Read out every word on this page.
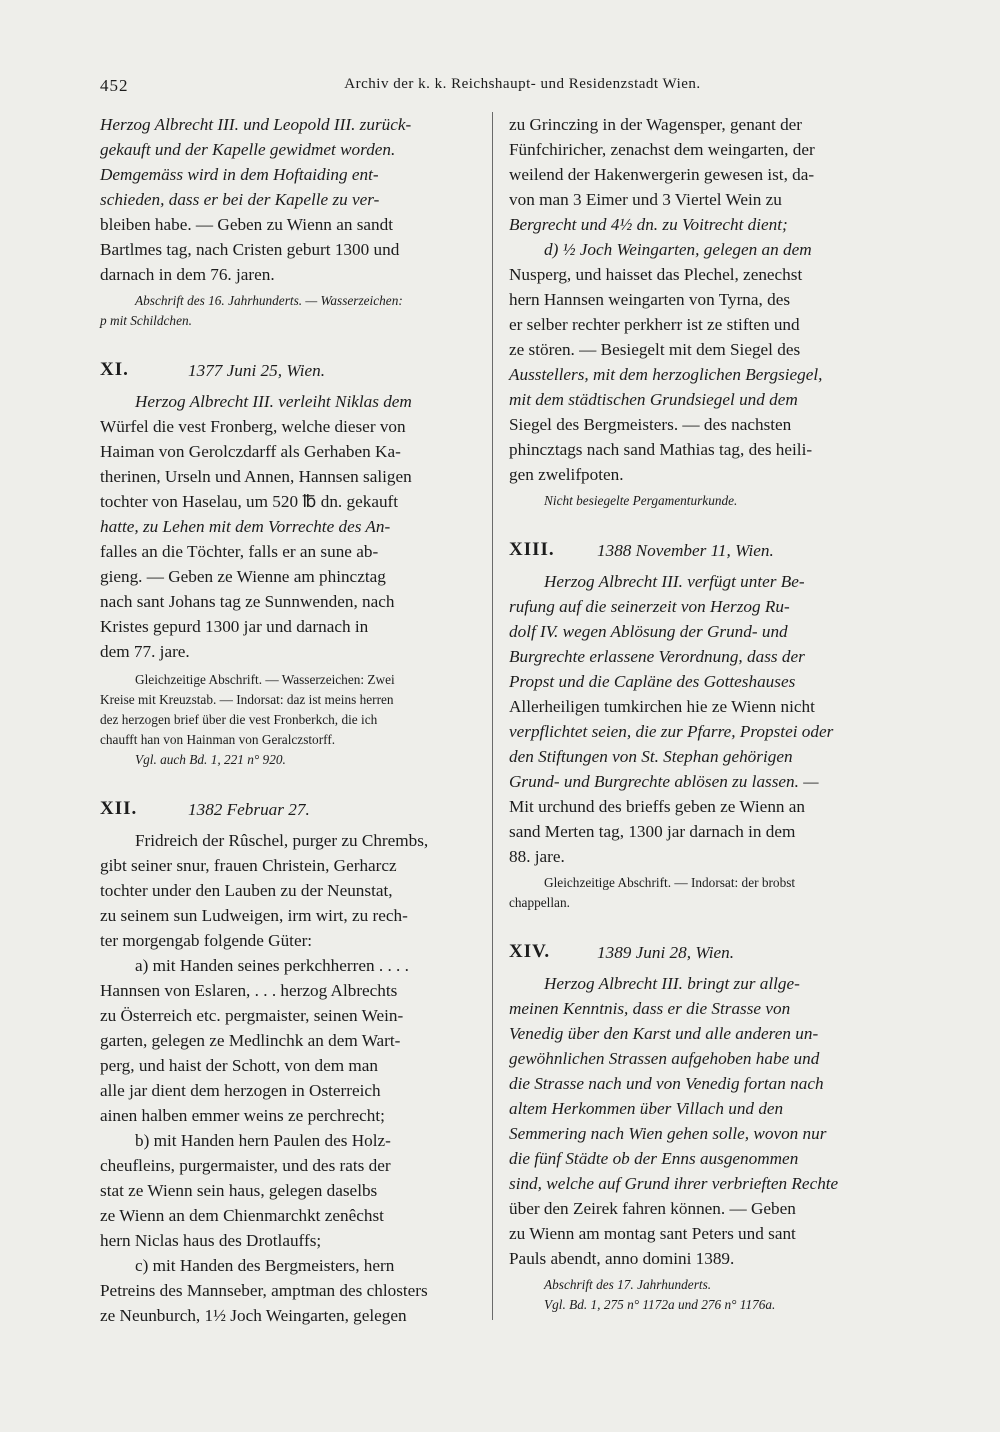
452	Archiv der k. k. Reichshaupt- und Residenzstadt Wien.

Herzog Albrecht III. und Leopold III. zurück-
gekauft und der Kapelle gewidmet worden.
Demgemäss wird in dem Hoftaiding ent-
schieden, dass er bei der Kapelle zu ver-
bleiben habe. — Geben zu Wienn an sandt
Bartlmes tag, nach Cristen geburt 1300 und
darnach in dem 76. jaren.

Abschrift des 16. Jahrhunderts. — Wasserzeichen:
p mit Schildchen.

XI.	1377 Juni 25, Wien.

Herzog Albrecht III. verleiht Niklas dem
Würfel die vest Fronberg, welche dieser von
Haiman von Gerolczdarff als Gerhaben Ka-
therinen, Urseln und Annen, Hannsen saligen
tochter von Haselau, um 520 ℔ dn. gekauft
hatte, zu Lehen mit dem Vorrechte des An-
falles an die Töchter, falls er an sune ab-
gieng. — Geben ze Wienne am phincztag
nach sant Johans tag ze Sunnwenden, nach
Kristes gepurd 1300 jar und darnach in
dem 77. jare.

Gleichzeitige Abschrift. — Wasserzeichen: Zwei
Kreise mit Kreuzstab. — Indorsat: daz ist meins herren
dez herzogen brief über die vest Fronberkch, die ich
chaufft han von Hainman von Geralczstorff.
Vgl. auch Bd. 1, 221 n° 920.

XII.	1382 Februar 27.

Fridreich der Rûschel, purger zu Chrembs,
gibt seiner snur, frauen Christein, Gerharcz
tochter under den Lauben zu der Neunstat,
zu seinem sun Ludweigen, irm wirt, zu rech-
ter morgengab folgende Güter:
a) mit Handen seines perkchherren . . . .
Hannsen von Eslaren, . . . herzog Albrechts
zu Österreich etc. pergmaister, seinen Wein-
garten, gelegen ze Medlinchk an dem Wart-
perg, und haist der Schott, von dem man
alle jar dient dem herzogen in Osterreich
ainen halben emmer weins ze perchrecht;
b) mit Handen hern Paulen des Holz-
cheufleins, purgermaister, und des rats der
stat ze Wienn sein haus, gelegen daselbs
ze Wienn an dem Chienmarchkt zenêchst
hern Niclas haus des Drotlauffs;
c) mit Handen des Bergmeisters, hern
Petreins des Mannseber, amptman des chlosters
ze Neunburch, 1½ Joch Weingarten, gelegen

zu Grinczing in der Wagensper, genant der
Fünfchiricher, zenachst dem weingarten, der
weilend der Hakenwergerin gewesen ist, da-
von man 3 Eimer und 3 Viertel Wein zu
Bergrecht und 4½ dn. zu Voitrecht dient;
d) ½ Joch Weingarten, gelegen an dem
Nusperg, und haisset das Plechel, zenechst
hern Hannsen weingarten von Tyrna, des
er selber rechter perkherr ist ze stiften und
ze stören. — Besiegelt mit dem Siegel des
Ausstellers, mit dem herzoglichen Bergsiegel,
mit dem städtischen Grundsiegel und dem
Siegel des Bergmeisters. — des nachsten
phincztags nach sand Mathias tag, des heili-
gen zwelifpoten.

Nicht besiegelte Pergamenturkunde.

XIII. 1388 November 11, Wien.

Herzog Albrecht III. verfügt unter Be-
rufung auf die seinerzeit von Herzog Ru-
dolf IV. wegen Ablösung der Grund- und
Burgrechte erlassene Verordnung, dass der
Propst und die Capläne des Gotteshauses
Allerheiligen tumkirchen hie ze Wienn nicht
verpflichtet seien, die zur Pfarre, Propstei oder
den Stiftungen von St. Stephan gehörigen
Grund- und Burgrechte ablösen zu lassen. —
Mit urchund des brieffs geben ze Wienn an
sand Merten tag, 1300 jar darnach in dem
88. jare.

Gleichzeitige Abschrift. — Indorsat: der brobst
chappellan.

XIV.	1389 Juni 28, Wien.

Herzog Albrecht III. bringt zur allge-
meinen Kenntnis, dass er die Strasse von
Venedig über den Karst und alle anderen un-
gewöhnlichen Strassen aufgehoben habe und
die Strasse nach und von Venedig fortan nach
altem Herkommen über Villach und den
Semmering nach Wien gehen solle, wovon nur
die fünf Städte ob der Enns ausgenommen
sind, welche auf Grund ihrer verbrieften Rechte
über den Zeirek fahren können. — Geben
zu Wienn am montag sant Peters und sant
Pauls abendt, anno domini 1389.

Abschrift des 17. Jahrhunderts.
Vgl. Bd. 1, 275 n° 1172a und 276 n° 1176a.
